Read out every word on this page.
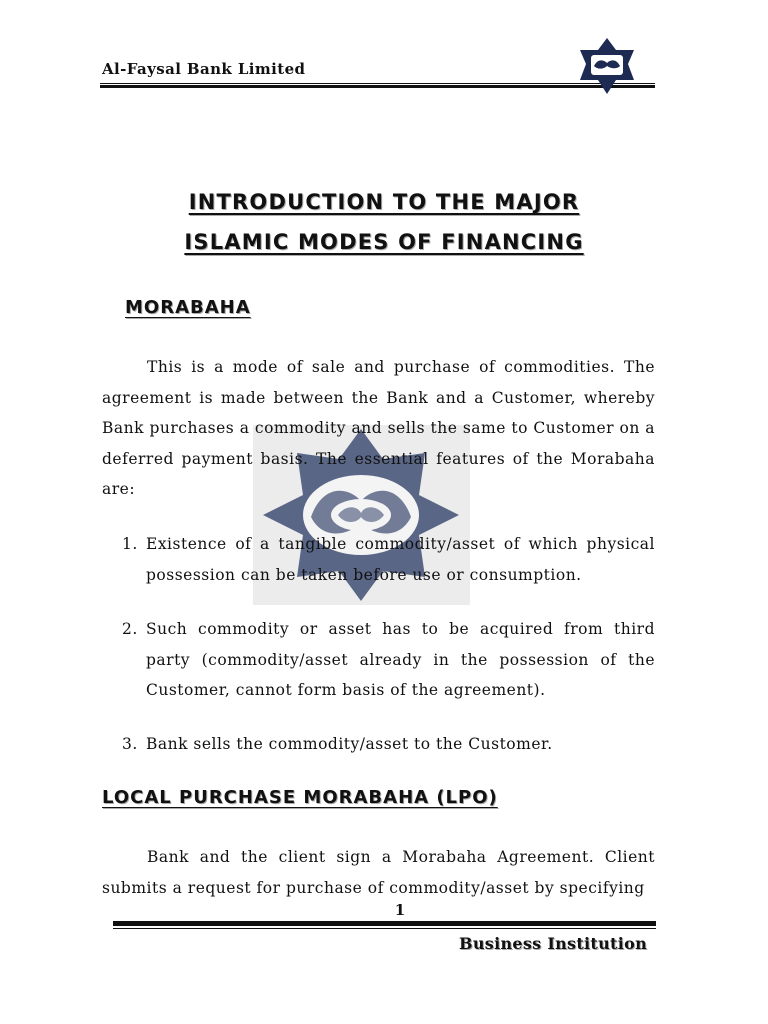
Al-Faysal Bank Limited
INTRODUCTION TO THE MAJOR
ISLAMIC MODES OF FINANCING
MORABAHA

This is a mode of sale and purchase of commodities. The agreement is made between the Bank and a Customer, whereby Bank purchases a commodity and sells the same to Customer on a deferred payment basis. The essential features of the Morabaha are:

1. Existence of a tangible commodity/asset of which physical possession can be taken before use or consumption.
2. Such commodity or asset has to be acquired from third party (commodity/asset already in the possession of the Customer, cannot form basis of the agreement).
3. Bank sells the commodity/asset to the Customer.
LOCAL PURCHASE MORABAHA (LPO)

Bank and the client sign a Morabaha Agreement. Client submits a request for purchase of commodity/asset by specifying

1
Business Institution
